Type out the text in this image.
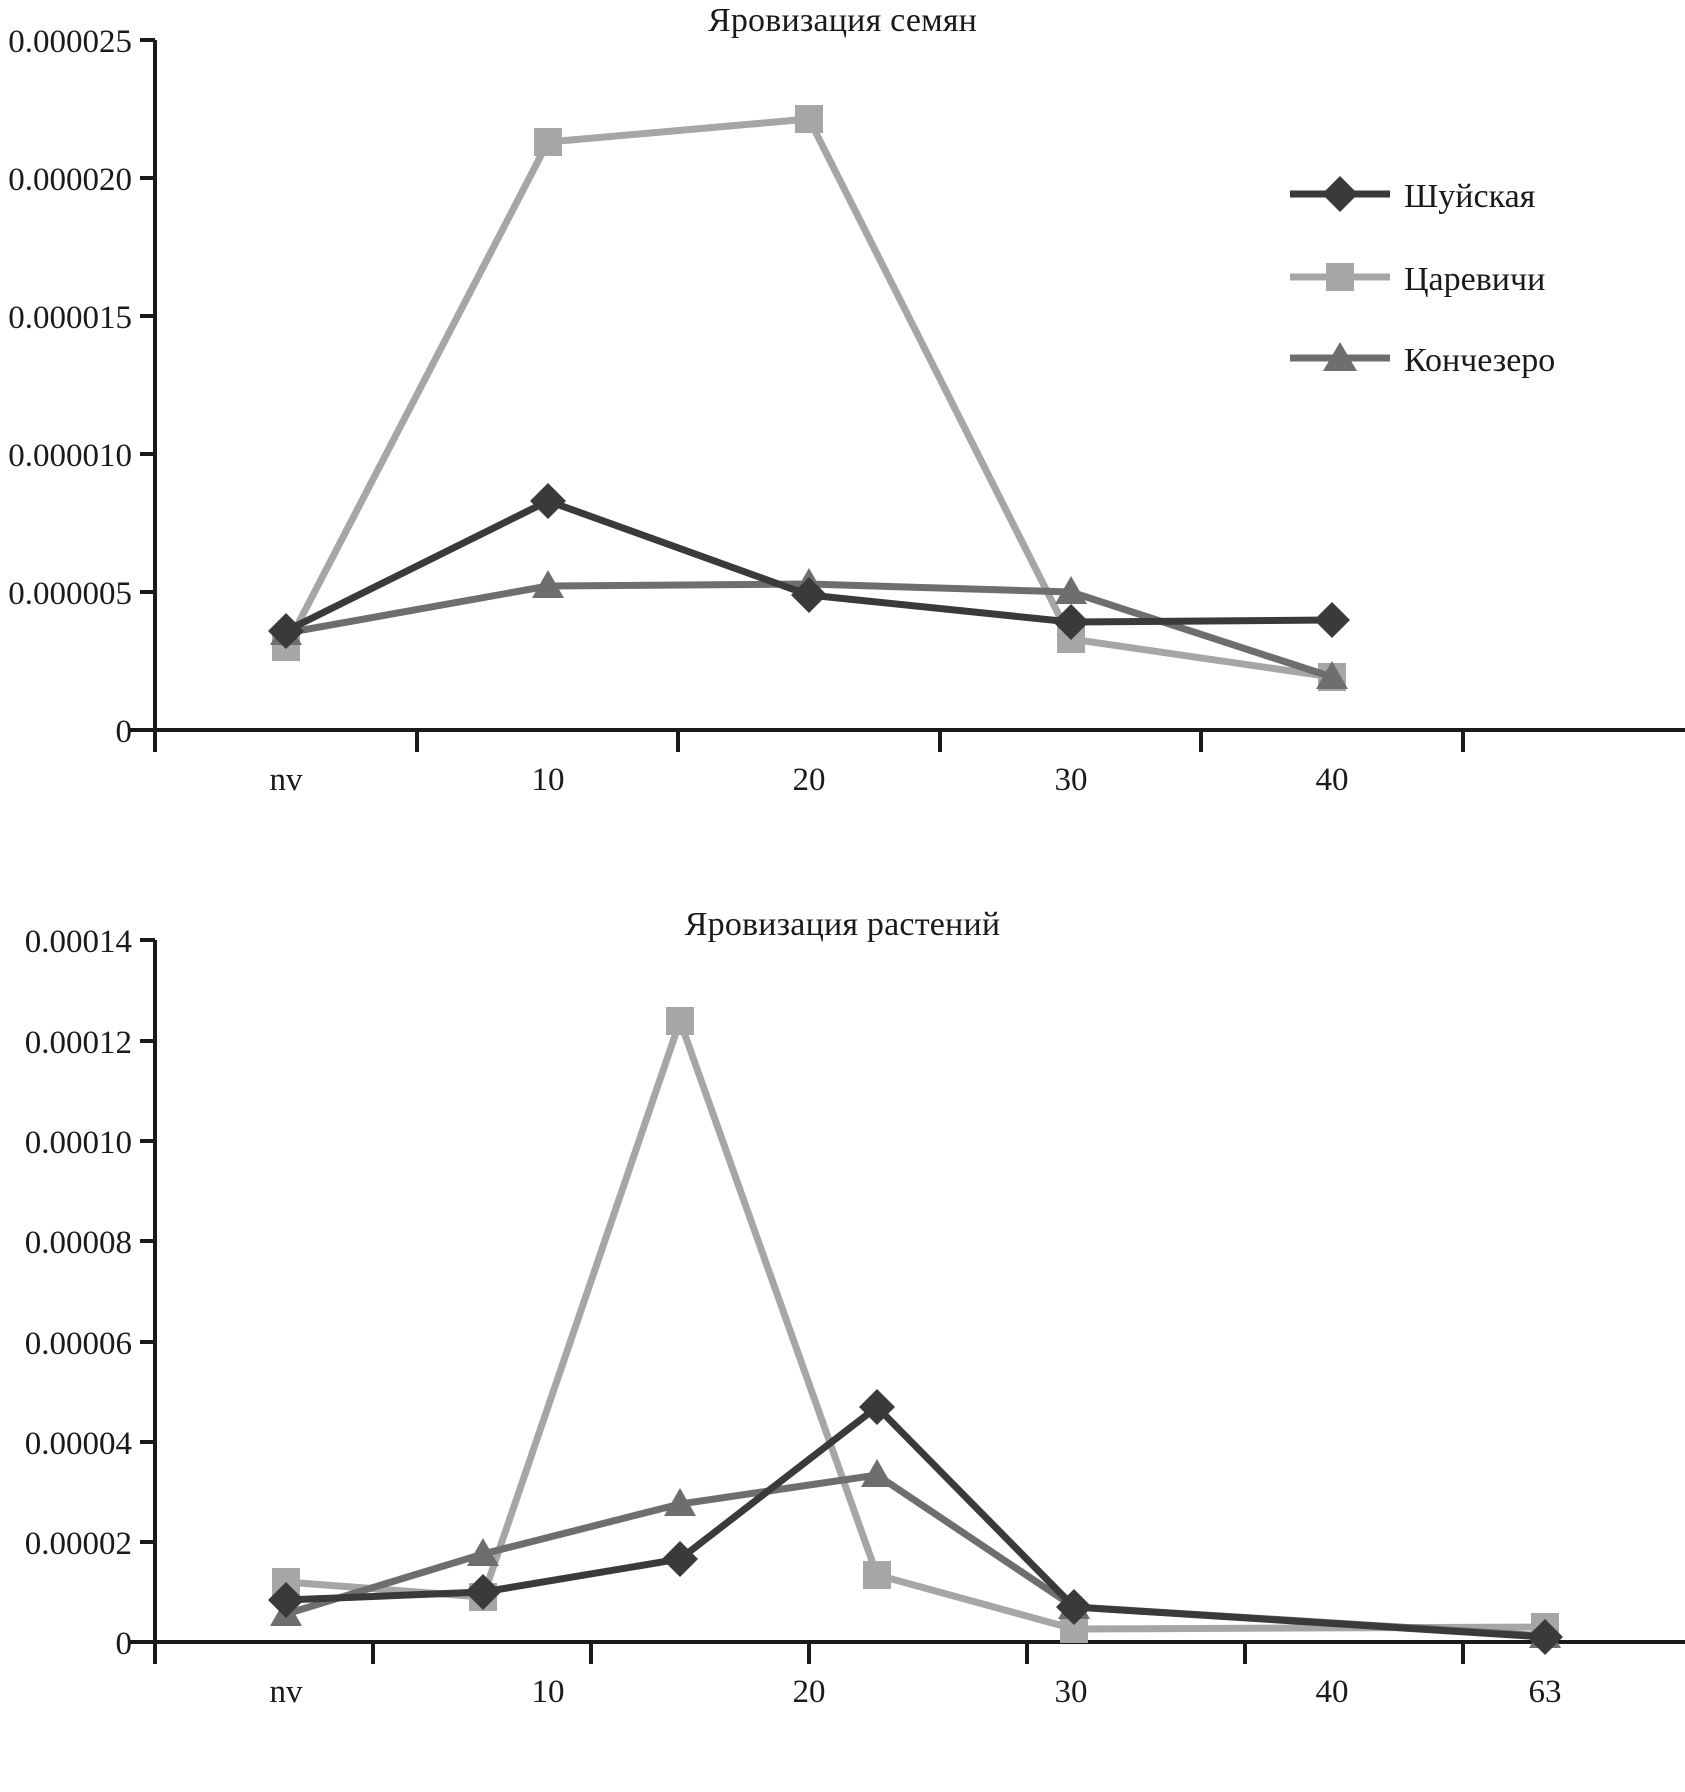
Яровизация семян
0
0.000005
0.000010
0.000015
0.000020
0.000025
nv	10	20	30	40
Шуйская
Царевичи
Кончезеро
Яровизация растений
0
0.00002
0.00004
0.00006
0.00008
0.00010
0.00012
0.00014
nv	10	20	30	40	63
